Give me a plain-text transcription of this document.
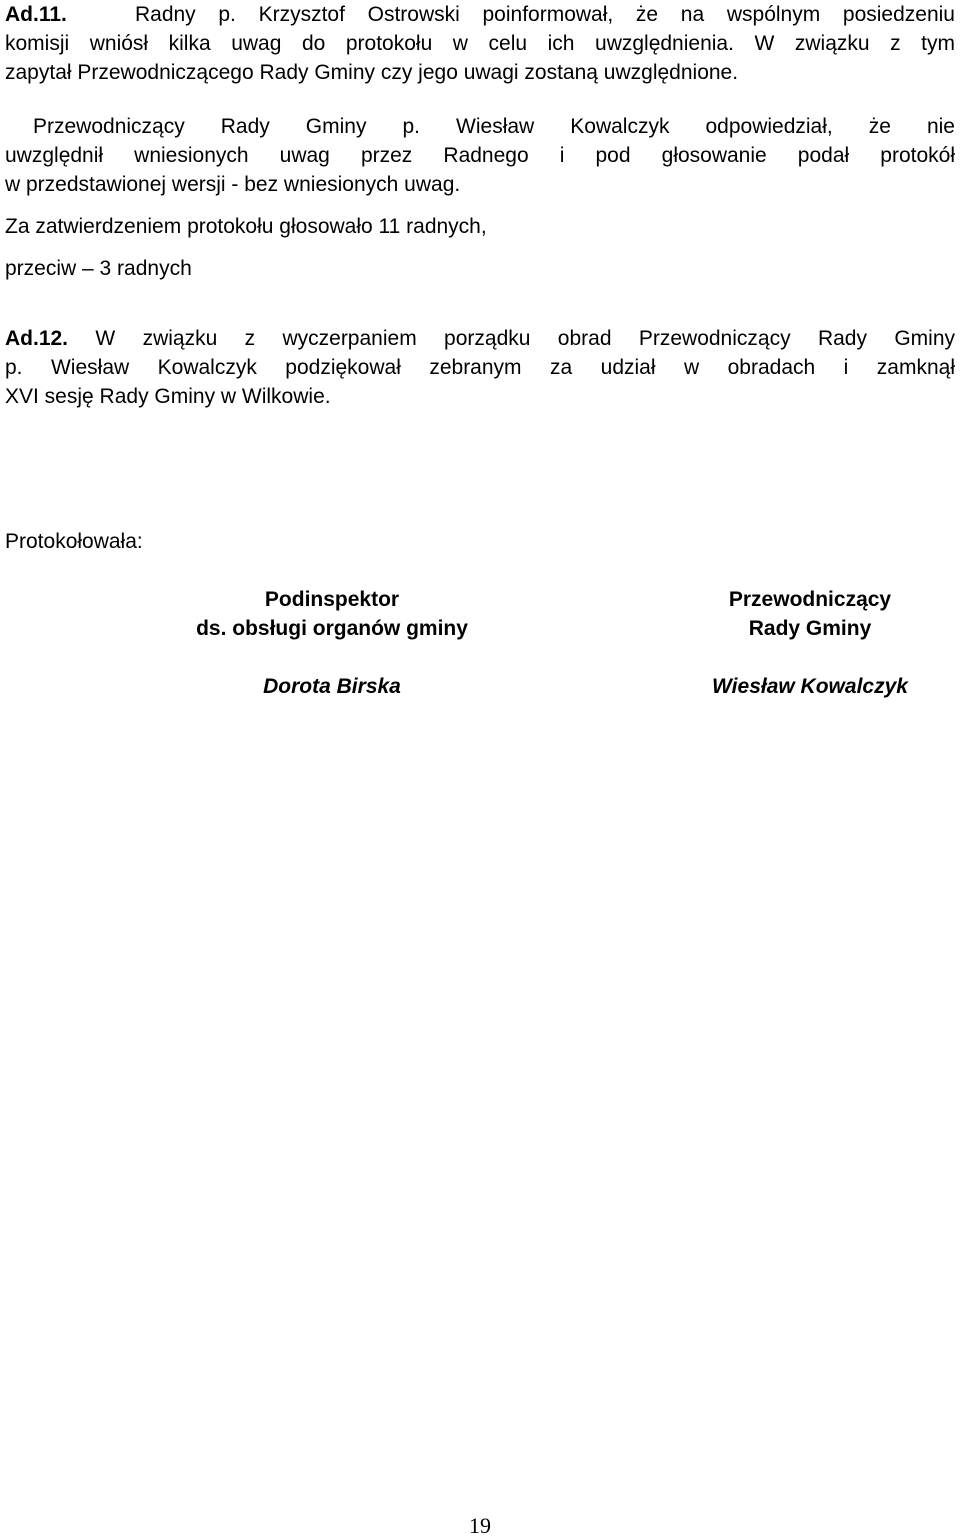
Ad.11.	Radny p. Krzysztof Ostrowski poinformował, że na wspólnym posiedzeniu

komisji wniósł kilka uwag do protokołu w celu ich uwzględnienia. W związku z tym

zapytał Przewodniczącego Rady Gminy czy jego uwagi zostaną uwzględnione.

Przewodniczący Rady Gminy p. Wiesław Kowalczyk odpowiedział, że nie

uwzględnił wniesionych uwag przez Radnego i pod głosowanie podał protokół

w przedstawionej wersji - bez wniesionych uwag.

Za zatwierdzeniem protokołu głosowało 11 radnych,

przeciw – 3 radnych

Ad.12. W związku z wyczerpaniem porządku obrad Przewodniczący Rady Gminy

p. Wiesław Kowalczyk podziękował zebranym za udział w obradach i zamknął

XVI sesję Rady Gminy w Wilkowie.

Protokołowała:

Podinspektor
ds. obsługi organów gminy
Dorota Birska
Przewodniczący
Rady Gminy
Wiesław Kowalczyk
19
